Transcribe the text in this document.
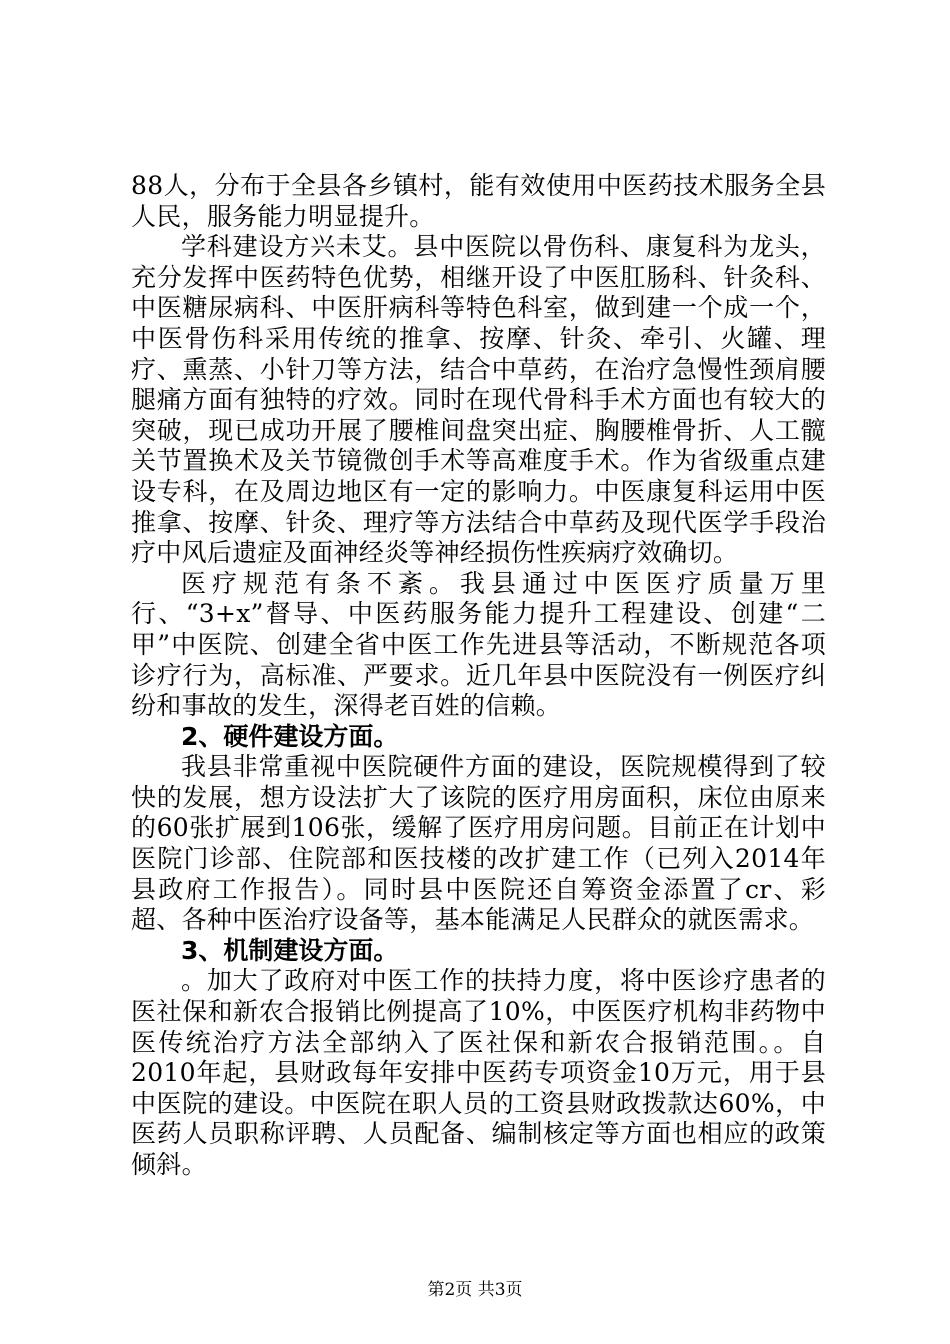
88人，分布于全县各乡镇村，能有效使用中医药技术服务全县人民，服务能力明显提升。

学科建设方兴未艾。县中医院以骨伤科、康复科为龙头，充分发挥中医药特色优势，相继开设了中医肛肠科、针灸科、中医糖尿病科、中医肝病科等特色科室，做到建一个成一个，中医骨伤科采用传统的推拿、按摩、针灸、牵引、火罐、理疗、熏蒸、小针刀等方法，结合中草药，在治疗急慢性颈肩腰腿痛方面有独特的疗效。同时在现代骨科手术方面也有较大的突破，现已成功开展了腰椎间盘突出症、胸腰椎骨折、人工髋关节置换术及关节镜微创手术等高难度手术。作为省级重点建设专科，在及周边地区有一定的影响力。中医康复科运用中医推拿、按摩、针灸、理疗等方法结合中草药及现代医学手段治疗中风后遗症及面神经炎等神经损伤性疾病疗效确切。

医疗规范有条不紊。我县通过中医医疗质量万里行、“3+x”督导、中医药服务能力提升工程建设、创建“二甲”中医院、创建全省中医工作先进县等活动，不断规范各项诊疗行为，高标准、严要求。近几年县中医院没有一例医疗纠纷和事故的发生，深得老百姓的信赖。

2、硬件建设方面。

我县非常重视中医院硬件方面的建设，医院规模得到了较快的发展，想方设法扩大了该院的医疗用房面积，床位由原来的60张扩展到106张，缓解了医疗用房问题。目前正在计划中医院门诊部、住院部和医技楼的改扩建工作（已列入2014年县政府工作报告）。同时县中医院还自筹资金添置了cr、彩超、各种中医治疗设备等，基本能满足人民群众的就医需求。

3、机制建设方面。

。加大了政府对中医工作的扶持力度，将中医诊疗患者的医社保和新农合报销比例提高了10%，中医医疗机构非药物中医传统治疗方法全部纳入了医社保和新农合报销范围。。自2010年起，县财政每年安排中医药专项资金10万元，用于县中医院的建设。中医院在职人员的工资县财政拨款达60%，中医药人员职称评聘、人员配备、编制核定等方面也相应的政策倾斜。

第2页 共3页
